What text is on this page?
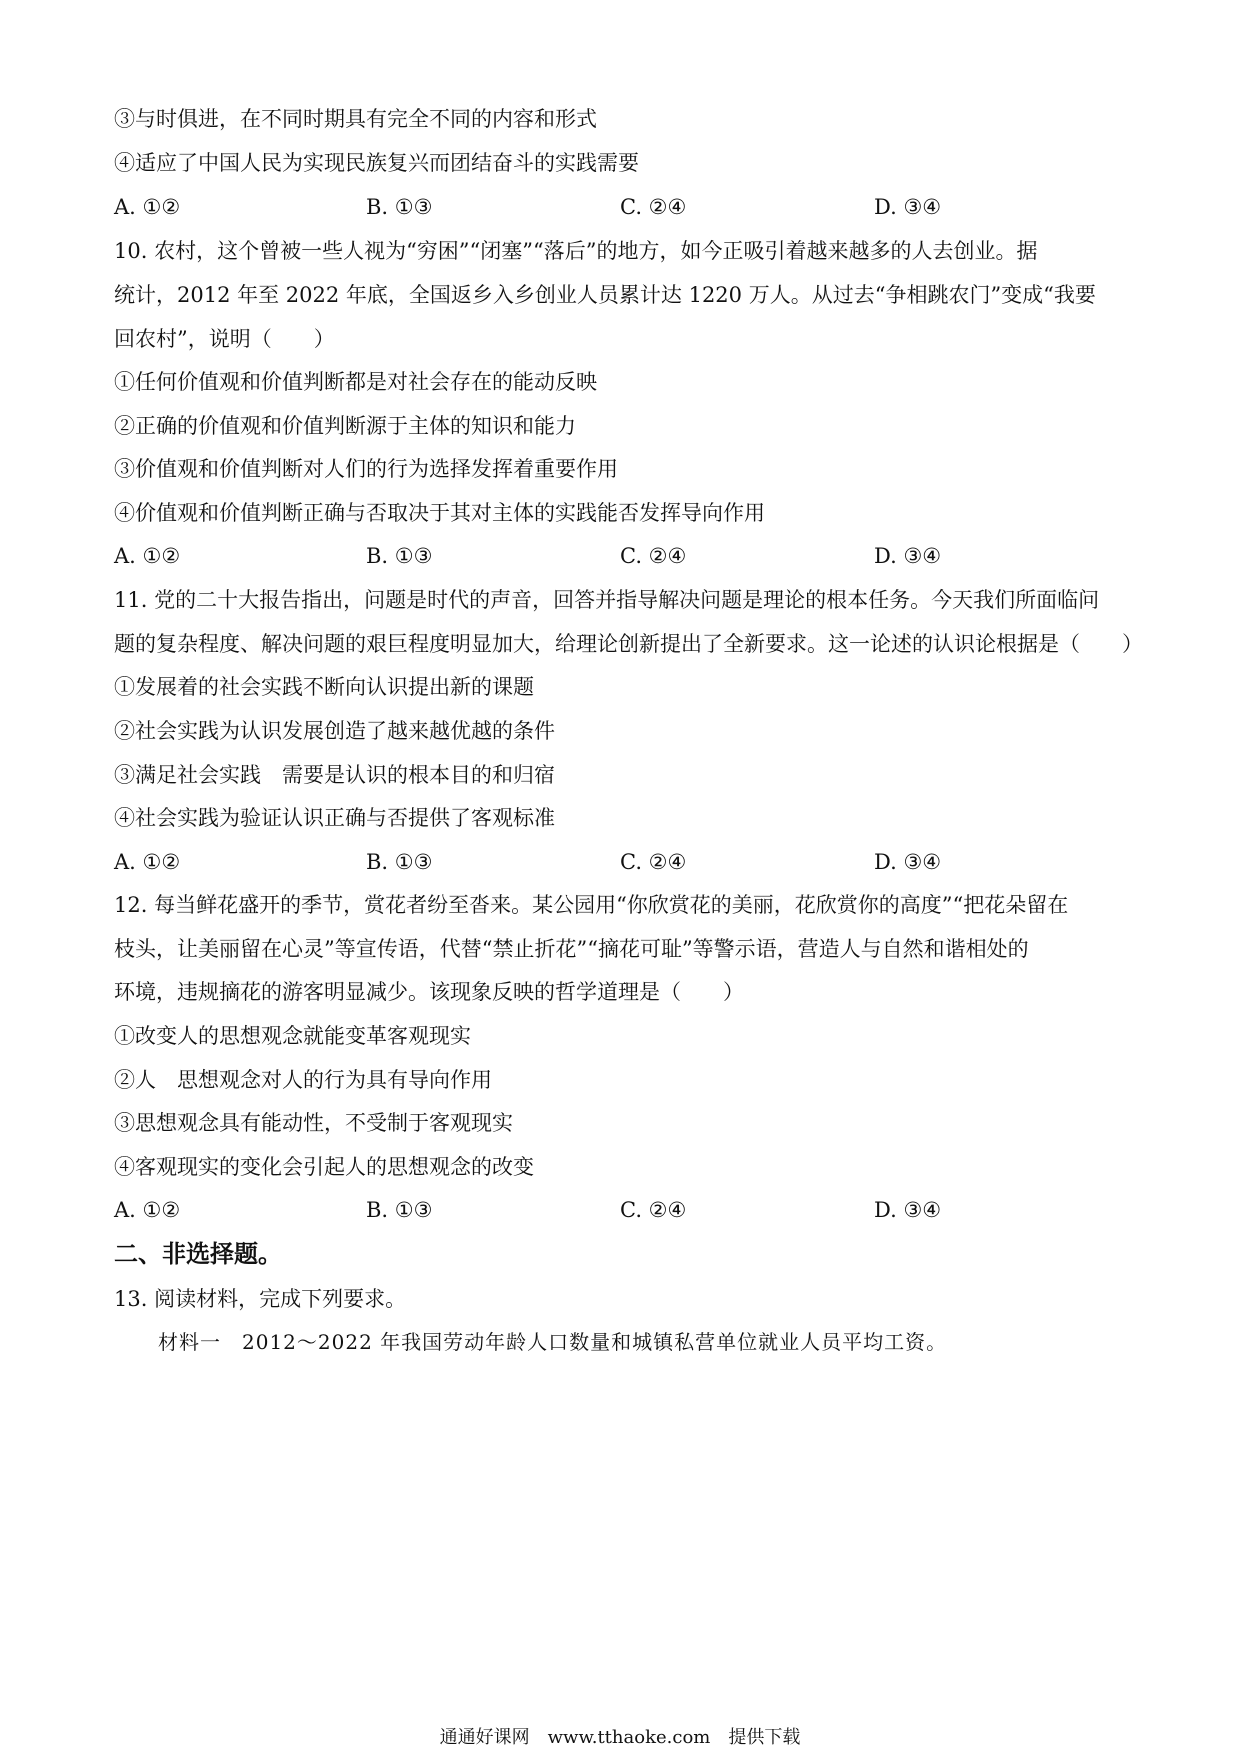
③与时俱进，在不同时期具有完全不同的内容和形式
④适应了中国人民为实现民族复兴而团结奋斗的实践需要
A. ①②	B. ①③	C. ②④	D. ③④
10. 农村，这个曾被一些人视为“穷困”“闭塞”“落后”的地方，如今正吸引着越来越多的人去创业。据
统计，2012 年至 2022 年底，全国返乡入乡创业人员累计达 1220 万人。从过去“争相跳农门”变成“我要
回农村”，说明（　　）
①任何价值观和价值判断都是对社会存在的能动反映
②正确的价值观和价值判断源于主体的知识和能力
③价值观和价值判断对人们的行为选择发挥着重要作用
④价值观和价值判断正确与否取决于其对主体的实践能否发挥导向作用
A. ①②	B. ①③	C. ②④	D. ③④
11. 党的二十大报告指出，问题是时代的声音，回答并指导解决问题是理论的根本任务。今天我们所面临问
题的复杂程度、解决问题的艰巨程度明显加大，给理论创新提出了全新要求。这一论述的认识论根据是（　　）
①发展着的社会实践不断向认识提出新的课题
②社会实践为认识发展创造了越来越优越的条件
③满足社会实践　需要是认识的根本目的和归宿
④社会实践为验证认识正确与否提供了客观标准
A. ①②	B. ①③	C. ②④	D. ③④
12. 每当鲜花盛开的季节，赏花者纷至沓来。某公园用“你欣赏花的美丽，花欣赏你的高度”“把花朵留在
枝头，让美丽留在心灵”等宣传语，代替“禁止折花”“摘花可耻”等警示语，营造人与自然和谐相处的
环境，违规摘花的游客明显减少。该现象反映的哲学道理是（　　）
①改变人的思想观念就能变革客观现实
②人　思想观念对人的行为具有导向作用
③思想观念具有能动性，不受制于客观现实
④客观现实的变化会引起人的思想观念的改变
A. ①②	B. ①③	C. ②④	D. ③④
二、非选择题。
13. 阅读材料，完成下列要求。
材料一　2012～2022 年我国劳动年龄人口数量和城镇私营单位就业人员平均工资。
通通好课网　www.tthaoke.com　提供下载
